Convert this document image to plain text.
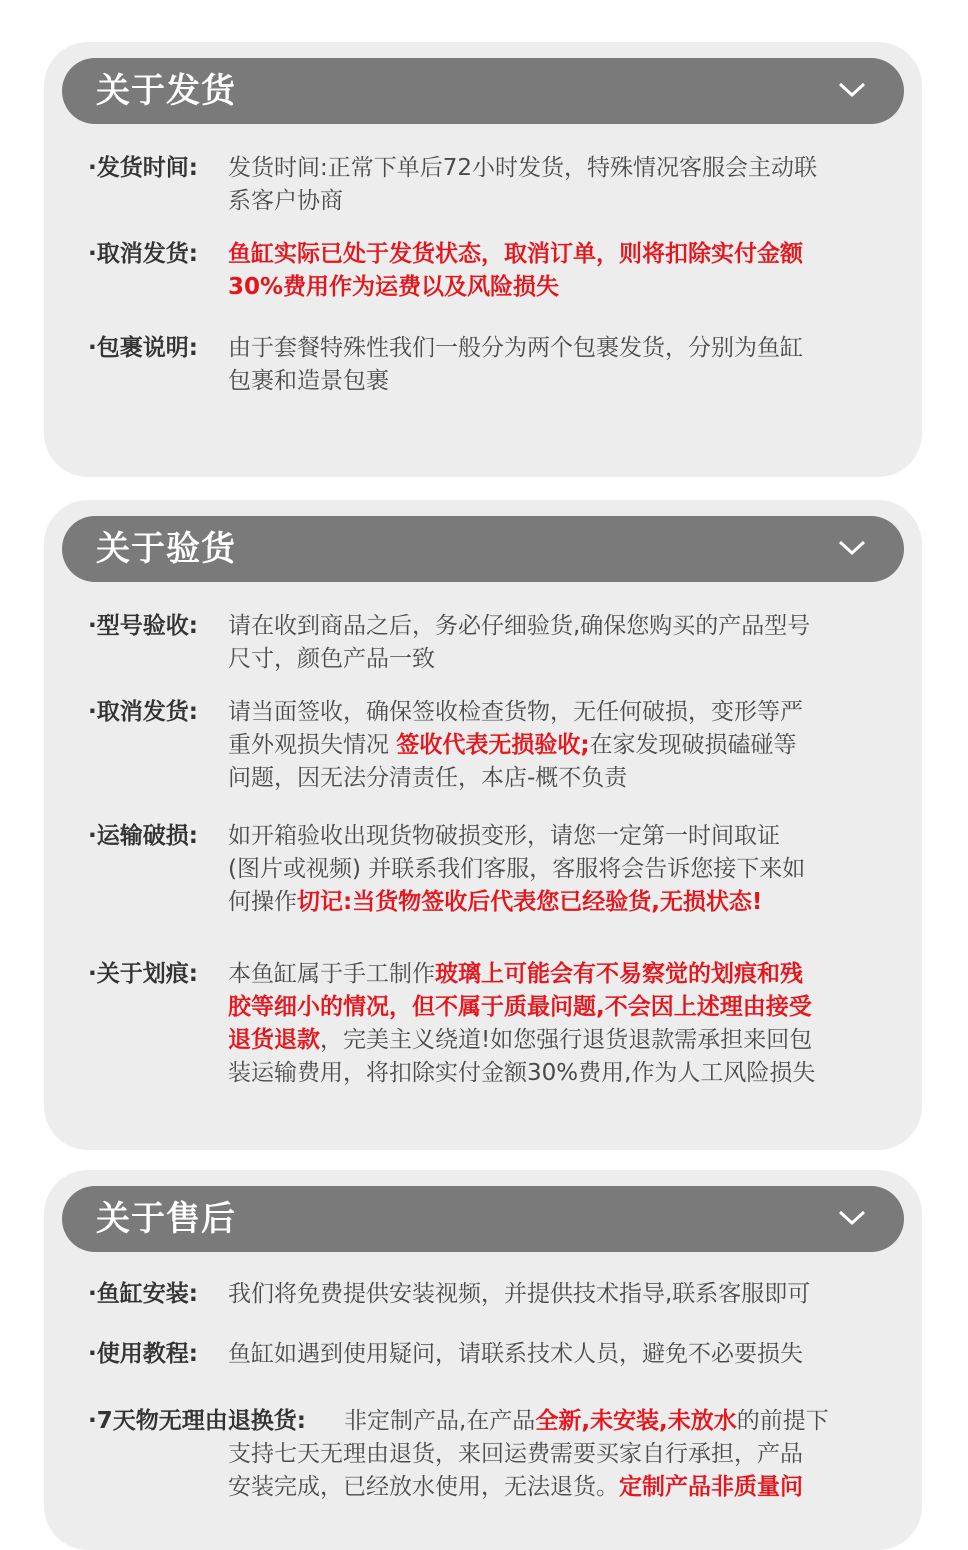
关于发货
·发货时间: 发货时间:正常下单后72小时发货，特殊情况客服会主动联
系客户协商
·取消发货: 鱼缸实际已处于发货状态，取消订单，则将扣除实付金额
30%费用作为运费以及风险损失
·包裹说明: 由于套餐特殊性我们一般分为两个包裹发货，分别为鱼缸
包裹和造景包裹
关于验货
·型号验收: 请在收到商品之后，务必仔细验货,确保您购买的产品型号
尺寸，颜色产品一致
·取消发货: 请当面签收，确保签收检查货物，无任何破损，变形等严
重外观损失情况 签收代表无损验收;在家发现破损磕碰等
问题，因无法分清责任，本店-概不负责
·运输破损: 如开箱验收出现货物破损变形，请您一定第一时间取证
(图片或视频) 并联系我们客服，客服将会告诉您接下来如
何操作切记:当货物签收后代表您已经验货,无损状态!
·关于划痕: 本鱼缸属于手工制作玻璃上可能会有不易察觉的划痕和残
胶等细小的情况，但不属于质最问题,不会因上述理由接受
退货退款，完美主义绕道!如您强行退货退款需承担来回包
装运输费用，将扣除实付金额30%费用,作为人工风险损失
关于售后
·鱼缸安装: 我们将免费提供安装视频，并提供技术指导,联系客服即可
·使用教程: 鱼缸如遇到使用疑问，请联系技术人员，避免不必要损失
·7天物无理由退换货: 非定制产品,在产品全新,未安装,未放水的前提下
支持七天无理由退货，来回运费需要买家自行承担，产品
安装完成，已经放水使用，无法退货。定制产品非质量问
